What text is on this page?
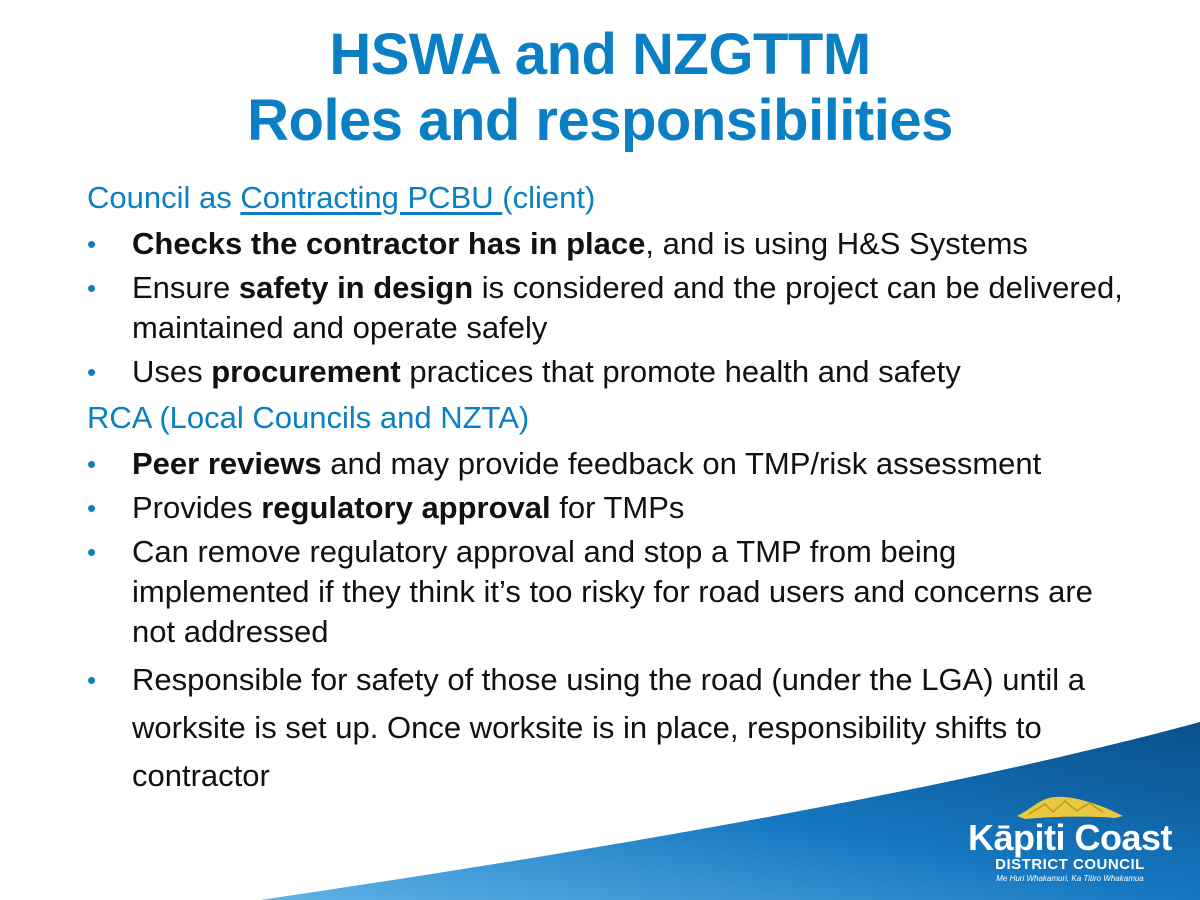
HSWA and NZGTTM
Roles and responsibilities
Council as Contracting PCBU (client)
• Checks the contractor has in place, and is using H&S Systems
• Ensure safety in design is considered and the project can be delivered, maintained and operate safely
• Uses procurement practices that promote health and safety
RCA (Local Councils and NZTA)
• Peer reviews and may provide feedback on TMP/risk assessment
• Provides regulatory approval for TMPs
• Can remove regulatory approval and stop a TMP from being implemented if they think it’s too risky for road users and concerns are not addressed
• Responsible for safety of those using the road (under the LGA) until a worksite is set up. Once worksite is in place, responsibility shifts to contractor
Kāpiti Coast
DISTRICT COUNCIL
Me Huri Whakamuri, Ka Titiro Whakamua
